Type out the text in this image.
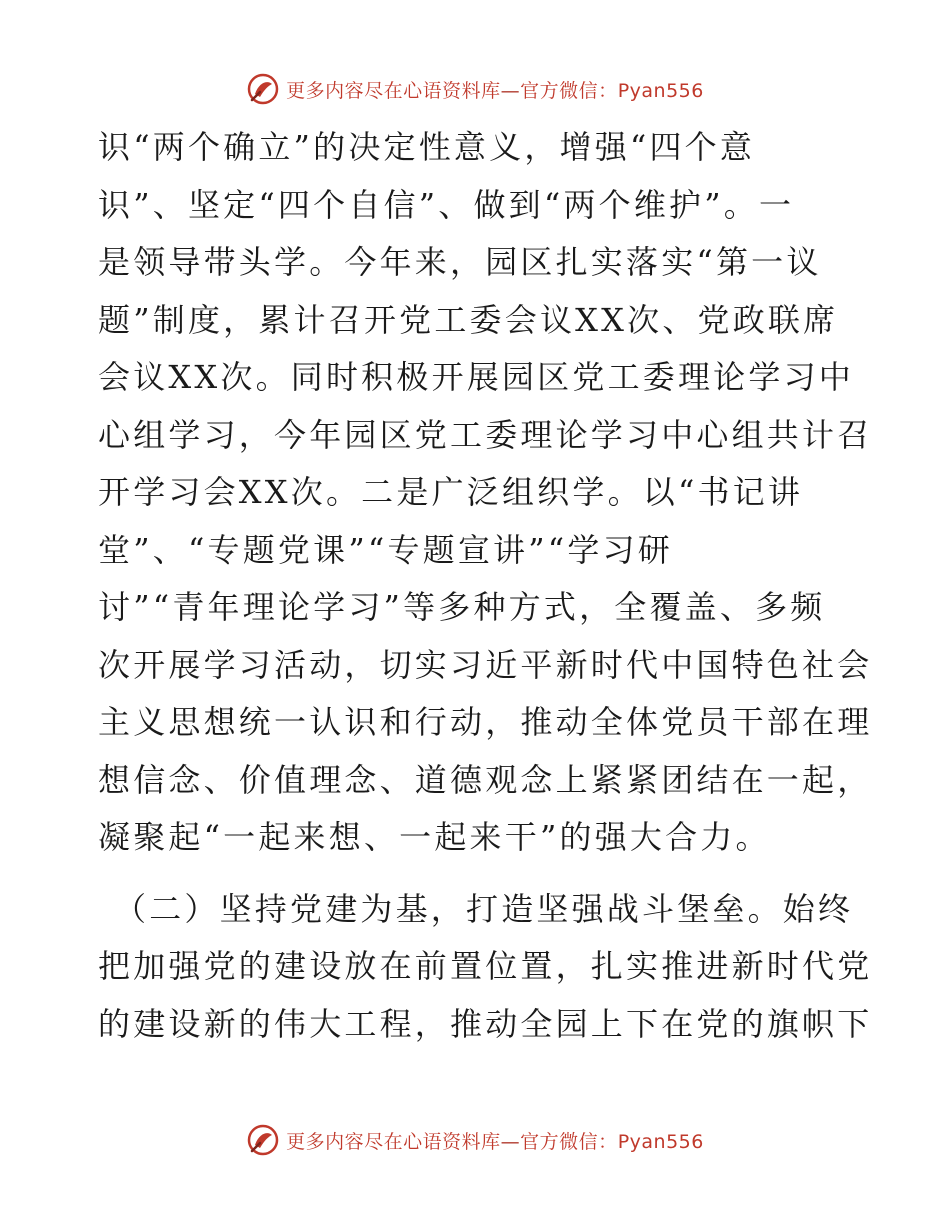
更多内容尽在心语资料库—官方微信：Pyan556
识“两个确立”的决定性意义，增强“四个意
识”、坚定“四个自信”、做到“两个维护”。一
是领导带头学。今年来，园区扎实落实“第一议
题”制度，累计召开党工委会议XX次、党政联席
会议XX次。同时积极开展园区党工委理论学习中
心组学习，今年园区党工委理论学习中心组共计召
开学习会XX次。二是广泛组织学。以“书记讲
堂”、“专题党课”“专题宣讲”“学习研
讨”“青年理论学习”等多种方式，全覆盖、多频
次开展学习活动，切实习近平新时代中国特色社会
主义思想统一认识和行动，推动全体党员干部在理
想信念、价值理念、道德观念上紧紧团结在一起，
凝聚起“一起来想、一起来干”的强大合力。
（二）坚持党建为基，打造坚强战斗堡垒。始终
把加强党的建设放在前置位置，扎实推进新时代党
的建设新的伟大工程，推动全园上下在党的旗帜下
更多内容尽在心语资料库—官方微信：Pyan556
